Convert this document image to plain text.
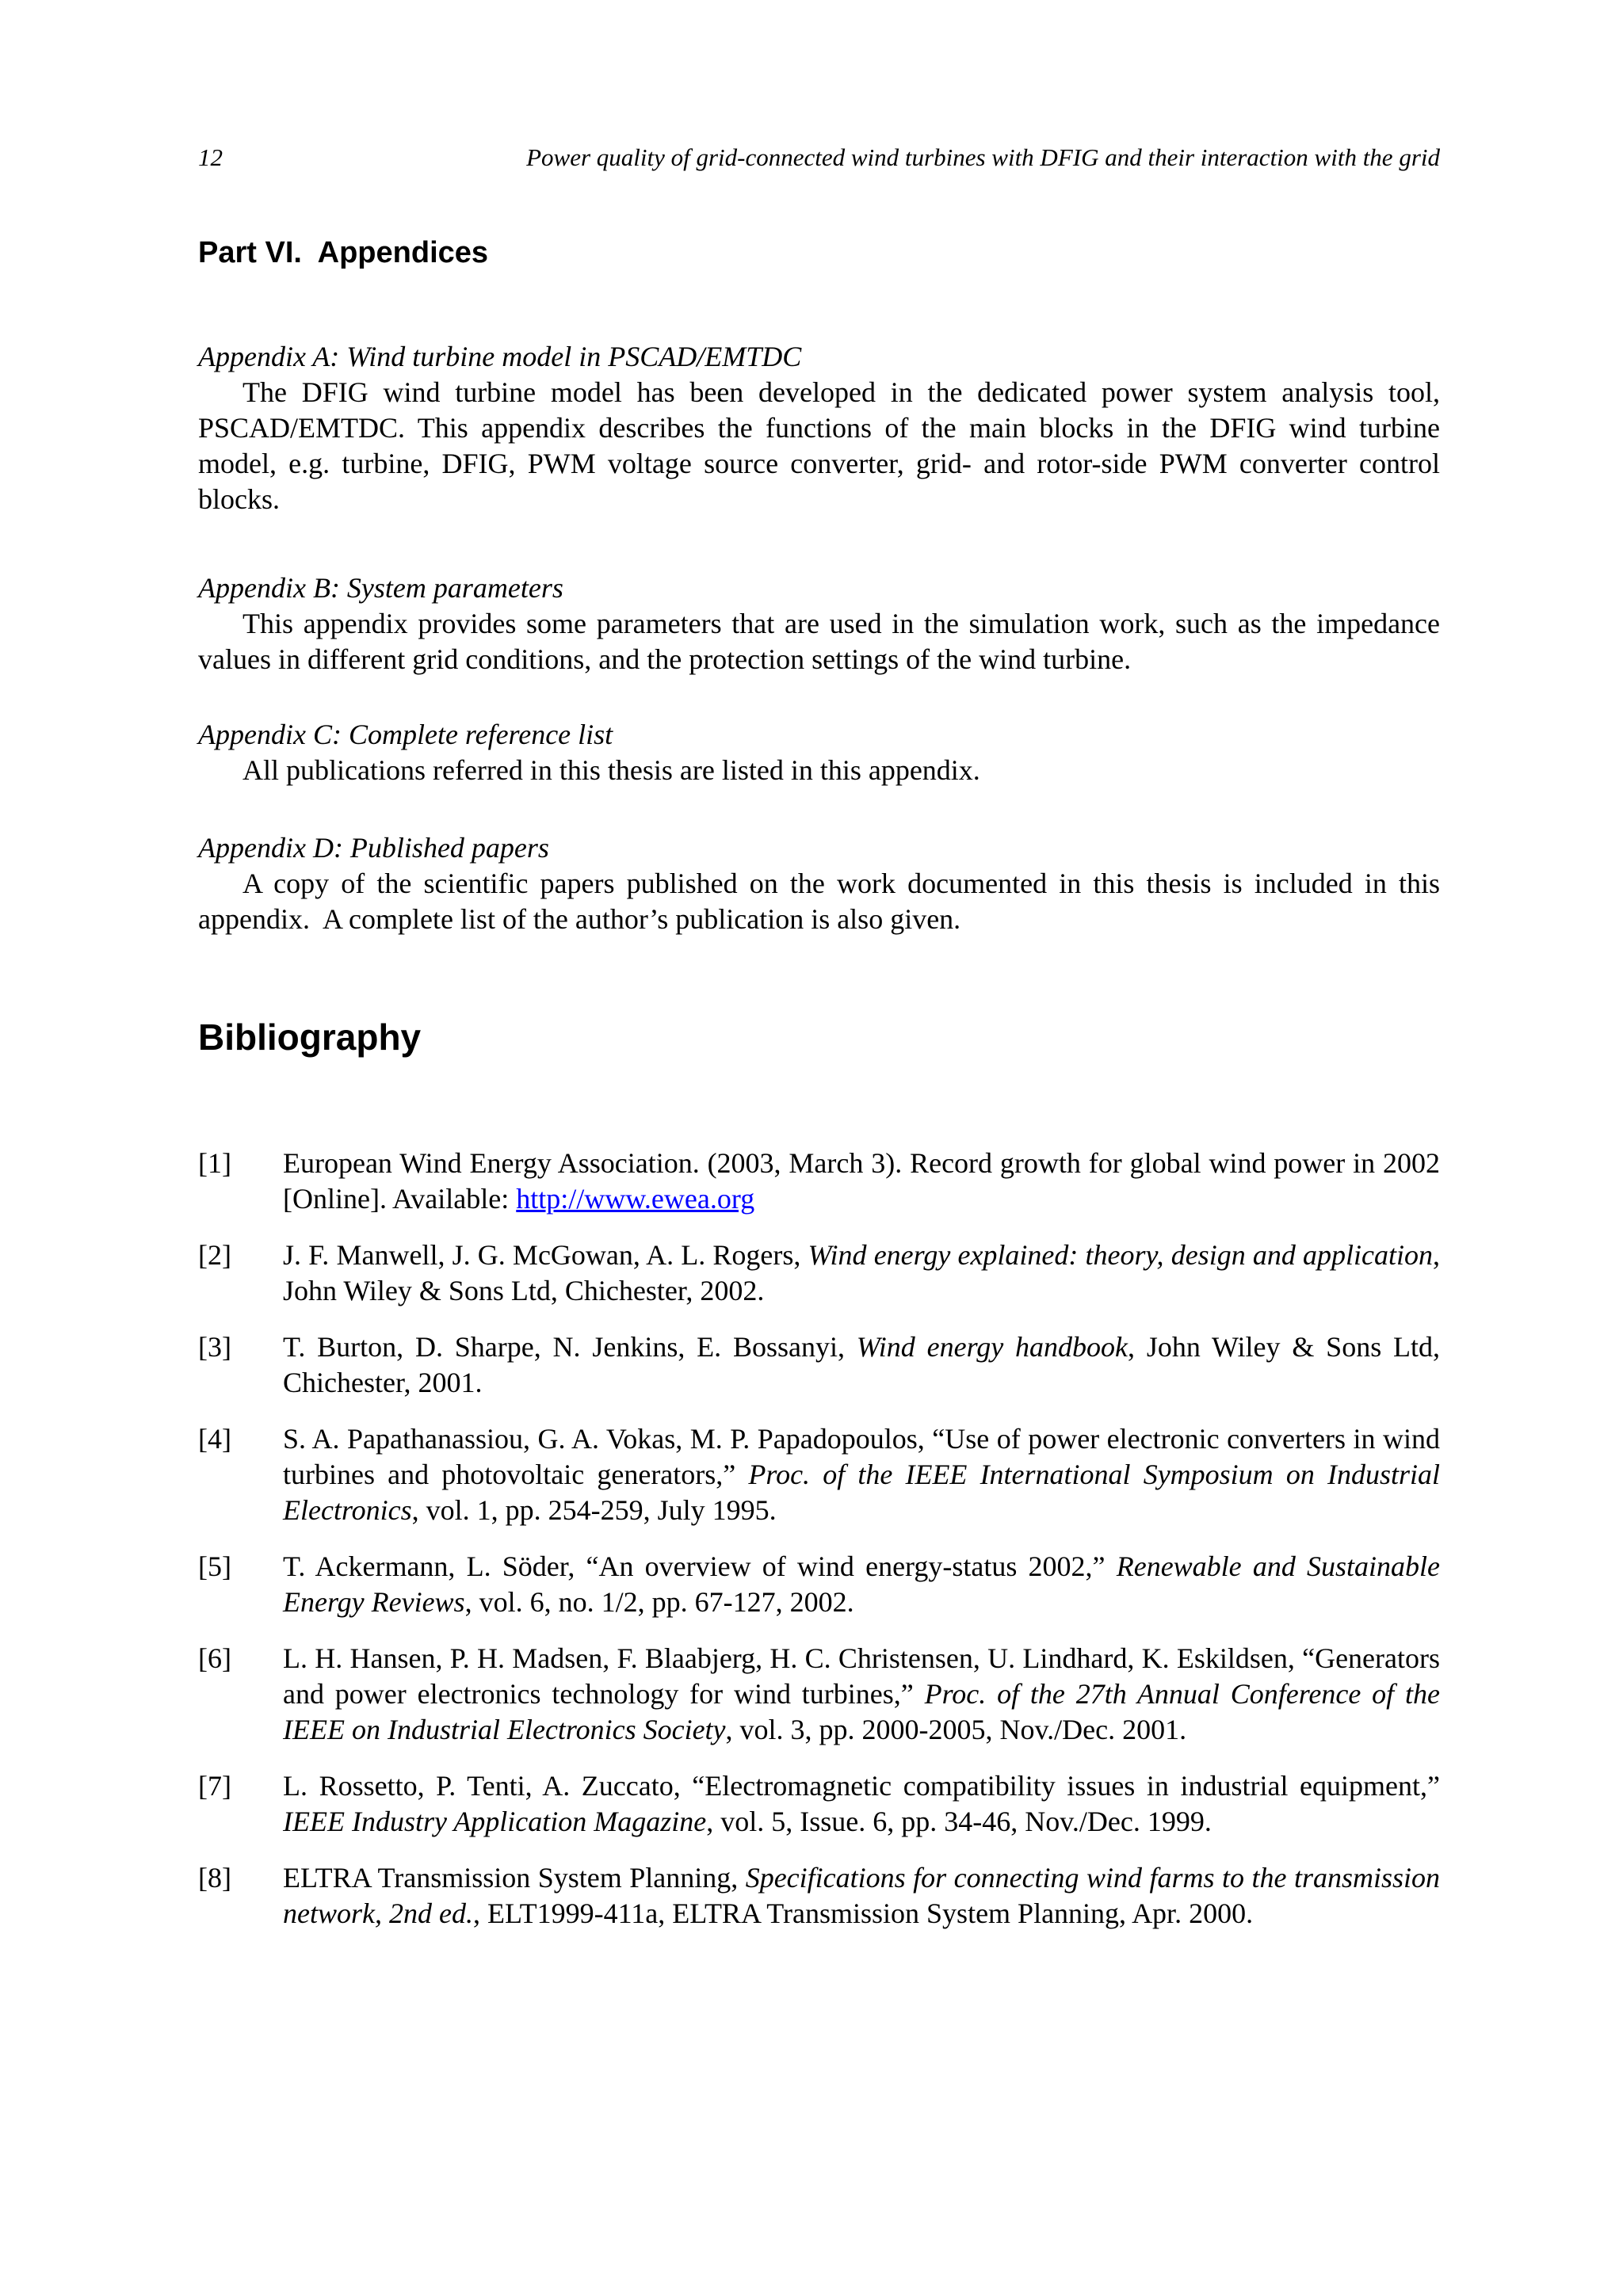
12	Power quality of grid-connected wind turbines with DFIG and their interaction with the grid
Part VI.  Appendices
Appendix A: Wind turbine model in PSCAD/EMTDC

The DFIG wind turbine model has been developed in the dedicated power system analysis tool, PSCAD/EMTDC. This appendix describes the functions of the main blocks in the DFIG wind turbine model, e.g. turbine, DFIG, PWM voltage source converter, grid- and rotor-side PWM converter control blocks.

Appendix B: System parameters

This appendix provides some parameters that are used in the simulation work, such as the impedance values in different grid conditions, and the protection settings of the wind turbine.

Appendix C: Complete reference list

All publications referred in this thesis are listed in this appendix.

Appendix D: Published papers

A copy of the scientific papers published on the work documented in this thesis is included in this appendix.  A complete list of the author’s publication is also given.

Bibliography
[1]	European Wind Energy Association. (2003, March 3). Record growth for global wind power in 2002 [Online]. Available: http://www.ewea.org

[2]	J. F. Manwell, J. G. McGowan, A. L. Rogers, Wind energy explained: theory, design and application, John Wiley & Sons Ltd, Chichester, 2002.

[3]	T. Burton, D. Sharpe, N. Jenkins, E. Bossanyi, Wind energy handbook, John Wiley & Sons Ltd, Chichester, 2001.

[4]	S. A. Papathanassiou, G. A. Vokas, M. P. Papadopoulos, “Use of power electronic converters in wind turbines and photovoltaic generators,” Proc. of the IEEE International Symposium on Industrial Electronics, vol. 1, pp. 254-259, July 1995.

[5]	T. Ackermann, L. Söder, “An overview of wind energy-status 2002,” Renewable and Sustainable Energy Reviews, vol. 6, no. 1/2, pp. 67-127, 2002.

[6]	L. H. Hansen, P. H. Madsen, F. Blaabjerg, H. C. Christensen, U. Lindhard, K. Eskildsen, “Generators and power electronics technology for wind turbines,” Proc. of the 27th Annual Conference of the IEEE on Industrial Electronics Society, vol. 3, pp. 2000-2005, Nov./Dec. 2001.

[7]	L. Rossetto, P. Tenti, A. Zuccato, “Electromagnetic compatibility issues in industrial equipment,” IEEE Industry Application Magazine, vol. 5, Issue. 6, pp. 34-46, Nov./Dec. 1999.

[8]	ELTRA Transmission System Planning, Specifications for connecting wind farms to the transmission network, 2nd ed., ELT1999-411a, ELTRA Transmission System Planning, Apr. 2000.
